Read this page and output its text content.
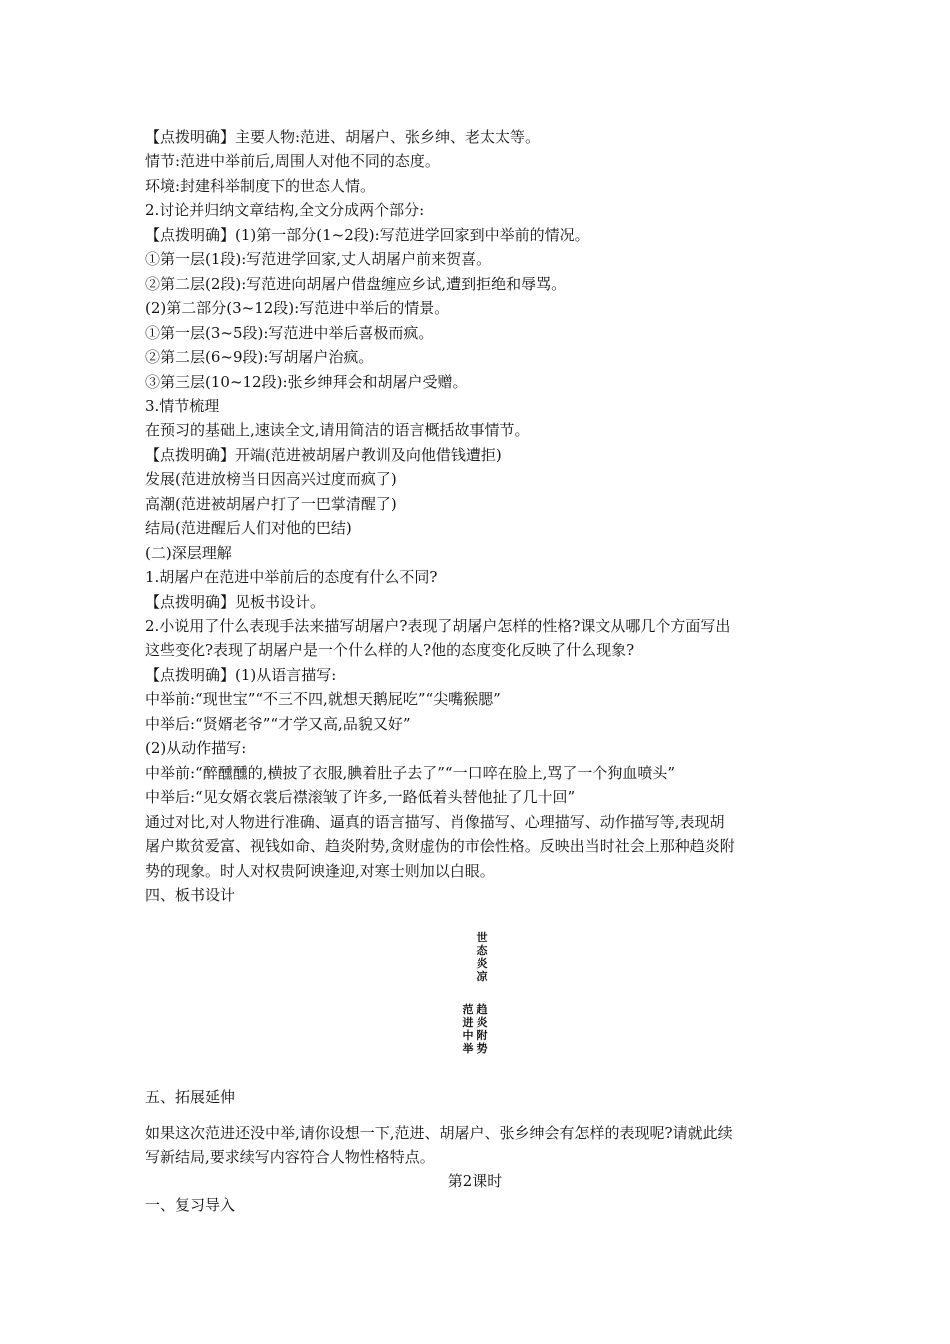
【点拨明确】主要人物:范进、胡屠户、张乡绅、老太太等。
情节:范进中举前后,周围人对他不同的态度。
环境:封建科举制度下的世态人情。
2.讨论并归纳文章结构,全文分成两个部分:
【点拨明确】(1)第一部分(1~2段):写范进学回家到中举前的情况。
①第一层(1段):写范进学回家,丈人胡屠户前来贺喜。
②第二层(2段):写范进向胡屠户借盘缠应乡试,遭到拒绝和辱骂。
(2)第二部分(3~12段):写范进中举后的情景。
①第一层(3~5段):写范进中举后喜极而疯。
②第二层(6~9段):写胡屠户治疯。
③第三层(10~12段):张乡绅拜会和胡屠户受赠。
3.情节梳理
在预习的基础上,速读全文,请用简洁的语言概括故事情节。
【点拨明确】开端(范进被胡屠户教训及向他借钱遭拒)
发展(范进放榜当日因高兴过度而疯了)
高潮(范进被胡屠户打了一巴掌清醒了)
结局(范进醒后人们对他的巴结)
(二)深层理解
1.胡屠户在范进中举前后的态度有什么不同?
【点拨明确】见板书设计。
2.小说用了什么表现手法来描写胡屠户?表现了胡屠户怎样的性格?课文从哪几个方面写出
这些变化?表现了胡屠户是一个什么样的人?他的态度变化反映了什么现象?
【点拨明确】(1)从语言描写:
中举前:“现世宝”“不三不四,就想天鹅屁吃”“尖嘴猴腮”
中举后:“贤婿老爷”“才学又高,品貌又好”
(2)从动作描写:
中举前:“醉醺醺的,横披了衣服,腆着肚子去了”“一口啐在脸上,骂了一个狗血喷头”
中举后:“见女婿衣裳后襟滚皱了许多,一路低着头替他扯了几十回”
通过对比,对人物进行准确、逼真的语言描写、肖像描写、心理描写、动作描写等,表现胡
屠户欺贫爱富、视钱如命、趋炎附势,贪财虚伪的市侩性格。反映出当时社会上那种趋炎附
势的现象。时人对权贵阿谀逢迎,对寒士则加以白眼。
四、板书设计
世
态
炎
凉
范
进
中
举
趋
炎
附
势
五、拓展延伸
如果这次范进还没中举,请你设想一下,范进、胡屠户、张乡绅会有怎样的表现呢?请就此续
写新结局,要求续写内容符合人物性格特点。
第2课时
一、复习导入
